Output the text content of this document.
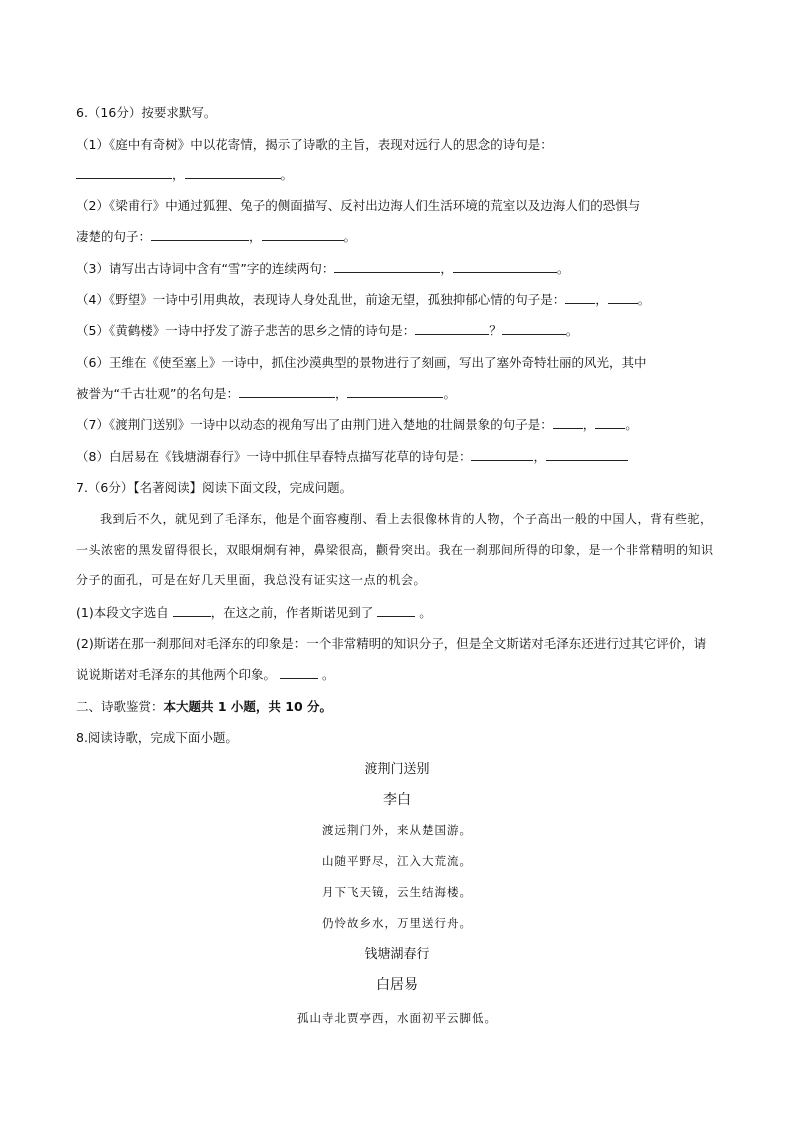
6.（16分）按要求默写。
（1）《庭中有奇树》中以花寄情，揭示了诗歌的主旨，表现对远行人的思念的诗句是：
，	。
（2）《梁甫行》中通过狐狸、兔子的侧面描写、反衬出边海人们生活环境的荒室以及边海人们的恐惧与
凄楚的句子：	，	。
（3）请写出古诗词中含有“雪”字的连续两句：	，	。
（4）《野望》一诗中引用典故，表现诗人身处乱世，前途无望，孤独抑郁心情的句子是： ， 。
（5）《黄鹤楼》一诗中抒发了游子悲苦的思乡之情的诗句是：	？	。
（6）王维在《使至塞上》一诗中，抓住沙漠典型的景物进行了刻画，写出了塞外奇特壮丽的风光，其中
被誉为“千古壮观”的名句是：	，	。
（7）《渡荆门送别》一诗中以动态的视角写出了由荆门进入楚地的壮阔景象的句子是： ， 。
（8）白居易在《钱塘湖春行》一诗中抓住早春特点描写花草的诗句是：	，
7.（6分）【名著阅读】阅读下面文段，完成问题。
我到后不久，就见到了毛泽东，他是个面容瘦削、看上去很像林肯的人物，个子高出一般的中国人，背有些驼，一头浓密的黑发留得很长，双眼炯炯有神，鼻梁很高，颧骨突出。我在一刹那间所得的印象，是一个非常精明的知识分子的面孔，可是在好几天里面，我总没有证实这一点的机会。
(1)本段文字选自	，在这之前，作者斯诺见到了	。
(2)斯诺在那一刹那间对毛泽东的印象是：一个非常精明的知识分子，但是全文斯诺对毛泽东还进行过其它评价，请说说斯诺对毛泽东的其他两个印象。	。
二、诗歌鉴赏：本大题共 1 小题，共 10 分。
8.阅读诗歌，完成下面小题。
渡荆门送别
李白
渡远荆门外，来从楚国游。
山随平野尽，江入大荒流。
月下飞天镜，云生结海楼。
仍怜故乡水，万里送行舟。
钱塘湖春行
白居易
孤山寺北贾亭西，水面初平云脚低。
